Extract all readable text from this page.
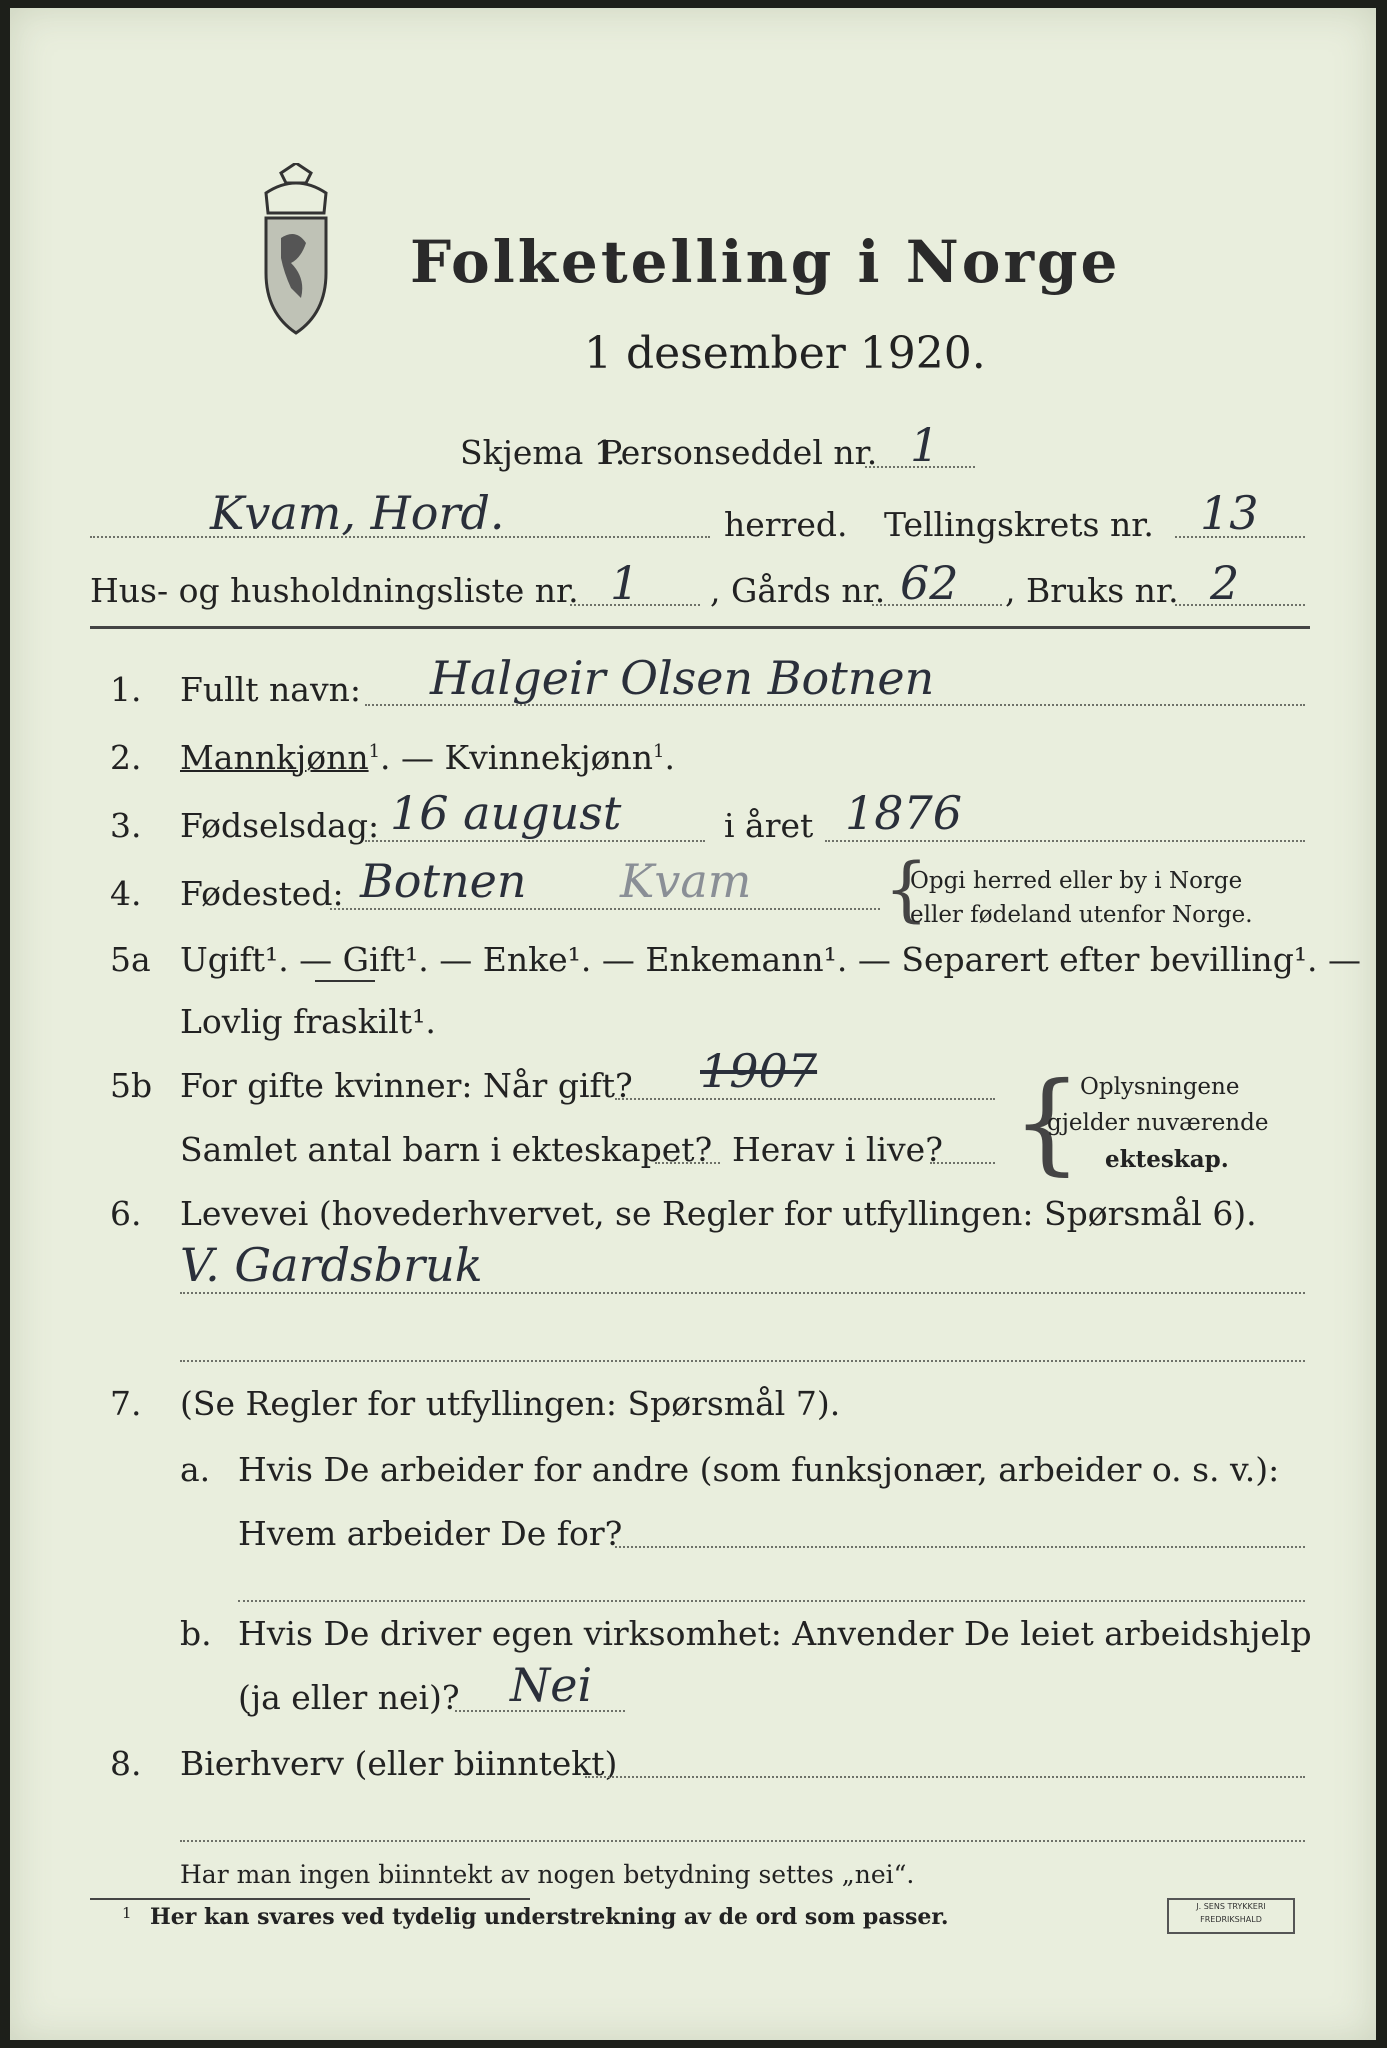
Folketelling i Norge
1 desember 1920.
Skjema 1.
Personseddel nr. 1
Kvam, Hord.	herred. Tellingskrets nr. 13
Hus- og husholdningsliste nr. 1 , Gårds nr. 62 , Bruks nr. 2
1. Fullt navn: Halgeir Olsen Botnen
2. Mannkjønn$^1$. — Kvinnekjønn$^1$.
3. Fødselsdag: 16 august	i året 1876
4. Fødested: Botnen Kvam {
Opgi herred eller by i Norge
eller fødeland utenfor Norge.
5a Ugift¹. — Gift¹. — Enke¹. — Enkemann¹. — Separert efter bevilling¹. —
Lovlig fraskilt¹.
5b For gifte kvinner: Når gift? 1907
Samlet antal barn i ekteskapet? Herav i live? {
Oplysningene
gjelder nuværende
ekteskap.
6. Levevei (hovederhvervet, se Regler for utfyllingen: Spørsmål 6).
V. Gardsbruk
7. (Se Regler for utfyllingen: Spørsmål 7).
a. Hvis De arbeider for andre (som funksjonær, arbeider o. s. v.):
Hvem arbeider De for?
b. Hvis De driver egen virksomhet: Anvender De leiet arbeidshjelp
(ja eller nei)? Nei
8. Bierhverv (eller biinntekt)
Har man ingen biinntekt av nogen betydning settes „nei“.
1 Her kan svares ved tydelig understrekning av de ord som passer.	J. SENS TRYKKERI
FREDRIKSHALD
